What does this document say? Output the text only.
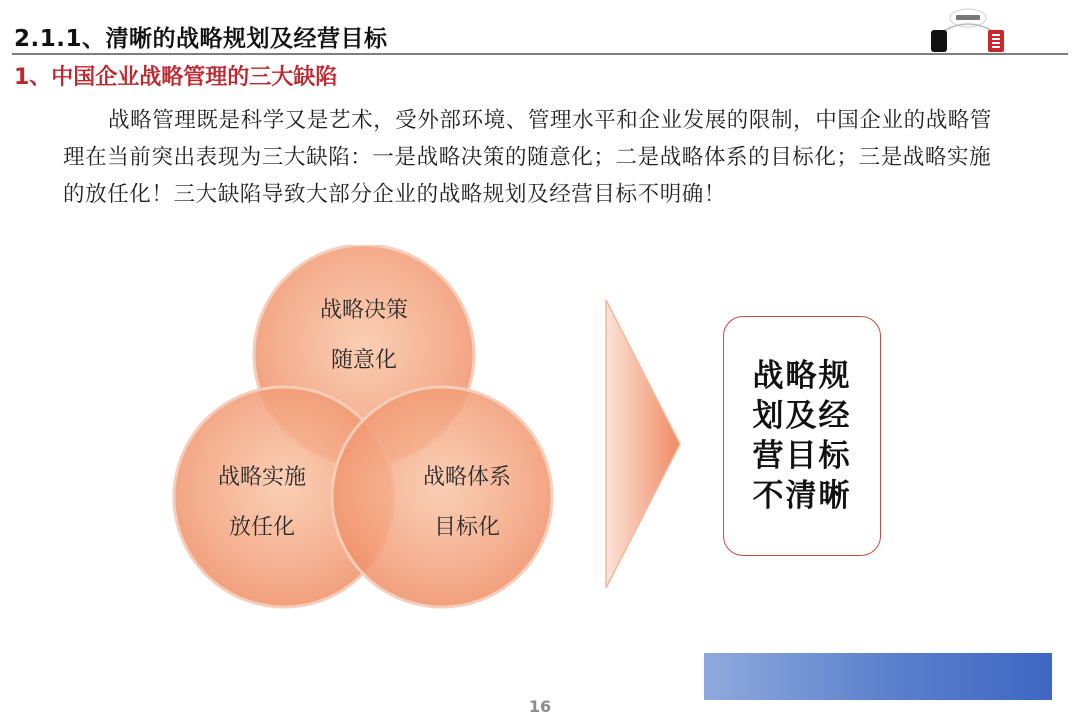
2.1.1、清晰的战略规划及经营目标
1、中国企业战略管理的三大缺陷
战略管理既是科学又是艺术，受外部环境、管理水平和企业发展的限制，中国企业的战略管理在当前突出表现为三大缺陷：一是战略决策的随意化；二是战略体系的目标化；三是战略实施的放任化！三大缺陷导致大部分企业的战略规划及经营目标不明确！
战略决策
随意化
战略实施
放任化
战略体系
目标化
战略规划及经营目标不清晰
16
